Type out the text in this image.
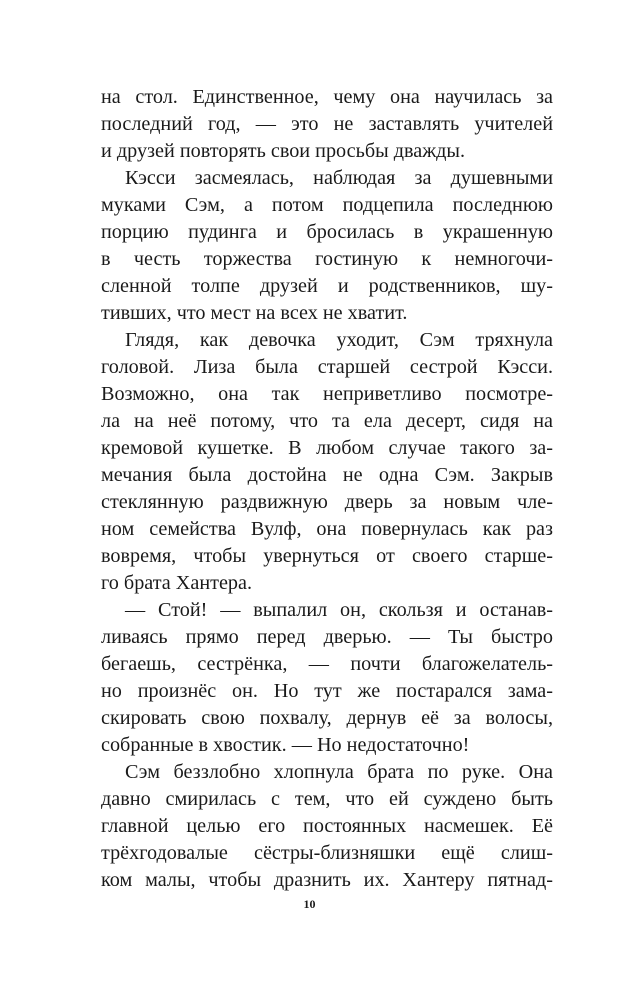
на стол. Единственное, чему она научилась за
последний год, — это не заставлять учителей
и друзей повторять свои просьбы дважды.
Кэсси засмеялась, наблюдая за душевными
муками Сэм, а потом подцепила последнюю
порцию пудинга и бросилась в украшенную
в честь торжества гостиную к немногочи-
сленной толпе друзей и родственников, шу-
тивших, что мест на всех не хватит.
Глядя, как девочка уходит, Сэм тряхнула
головой. Лиза была старшей сестрой Кэсси.
Возможно, она так неприветливо посмотре-
ла на неё потому, что та ела десерт, сидя на
кремовой кушетке. В любом случае такого за-
мечания была достойна не одна Сэм. Закрыв
стеклянную раздвижную дверь за новым чле-
ном семейства Вулф, она повернулась как раз
вовремя, чтобы увернуться от своего старше-
го брата Хантера.
— Стой! — выпалил он, скользя и останав-
ливаясь прямо перед дверью. — Ты быстро
бегаешь, сестрёнка, — почти благожелатель-
но произнёс он. Но тут же постарался зама-
скировать свою похвалу, дернув её за волосы,
собранные в хвостик. — Но недостаточно!
Сэм беззлобно хлопнула брата по руке. Она
давно смирилась с тем, что ей суждено быть
главной целью его постоянных насмешек. Её
трёхгодовалые сёстры-близняшки ещё слиш-
ком малы, чтобы дразнить их. Хантеру пятнад-
10
